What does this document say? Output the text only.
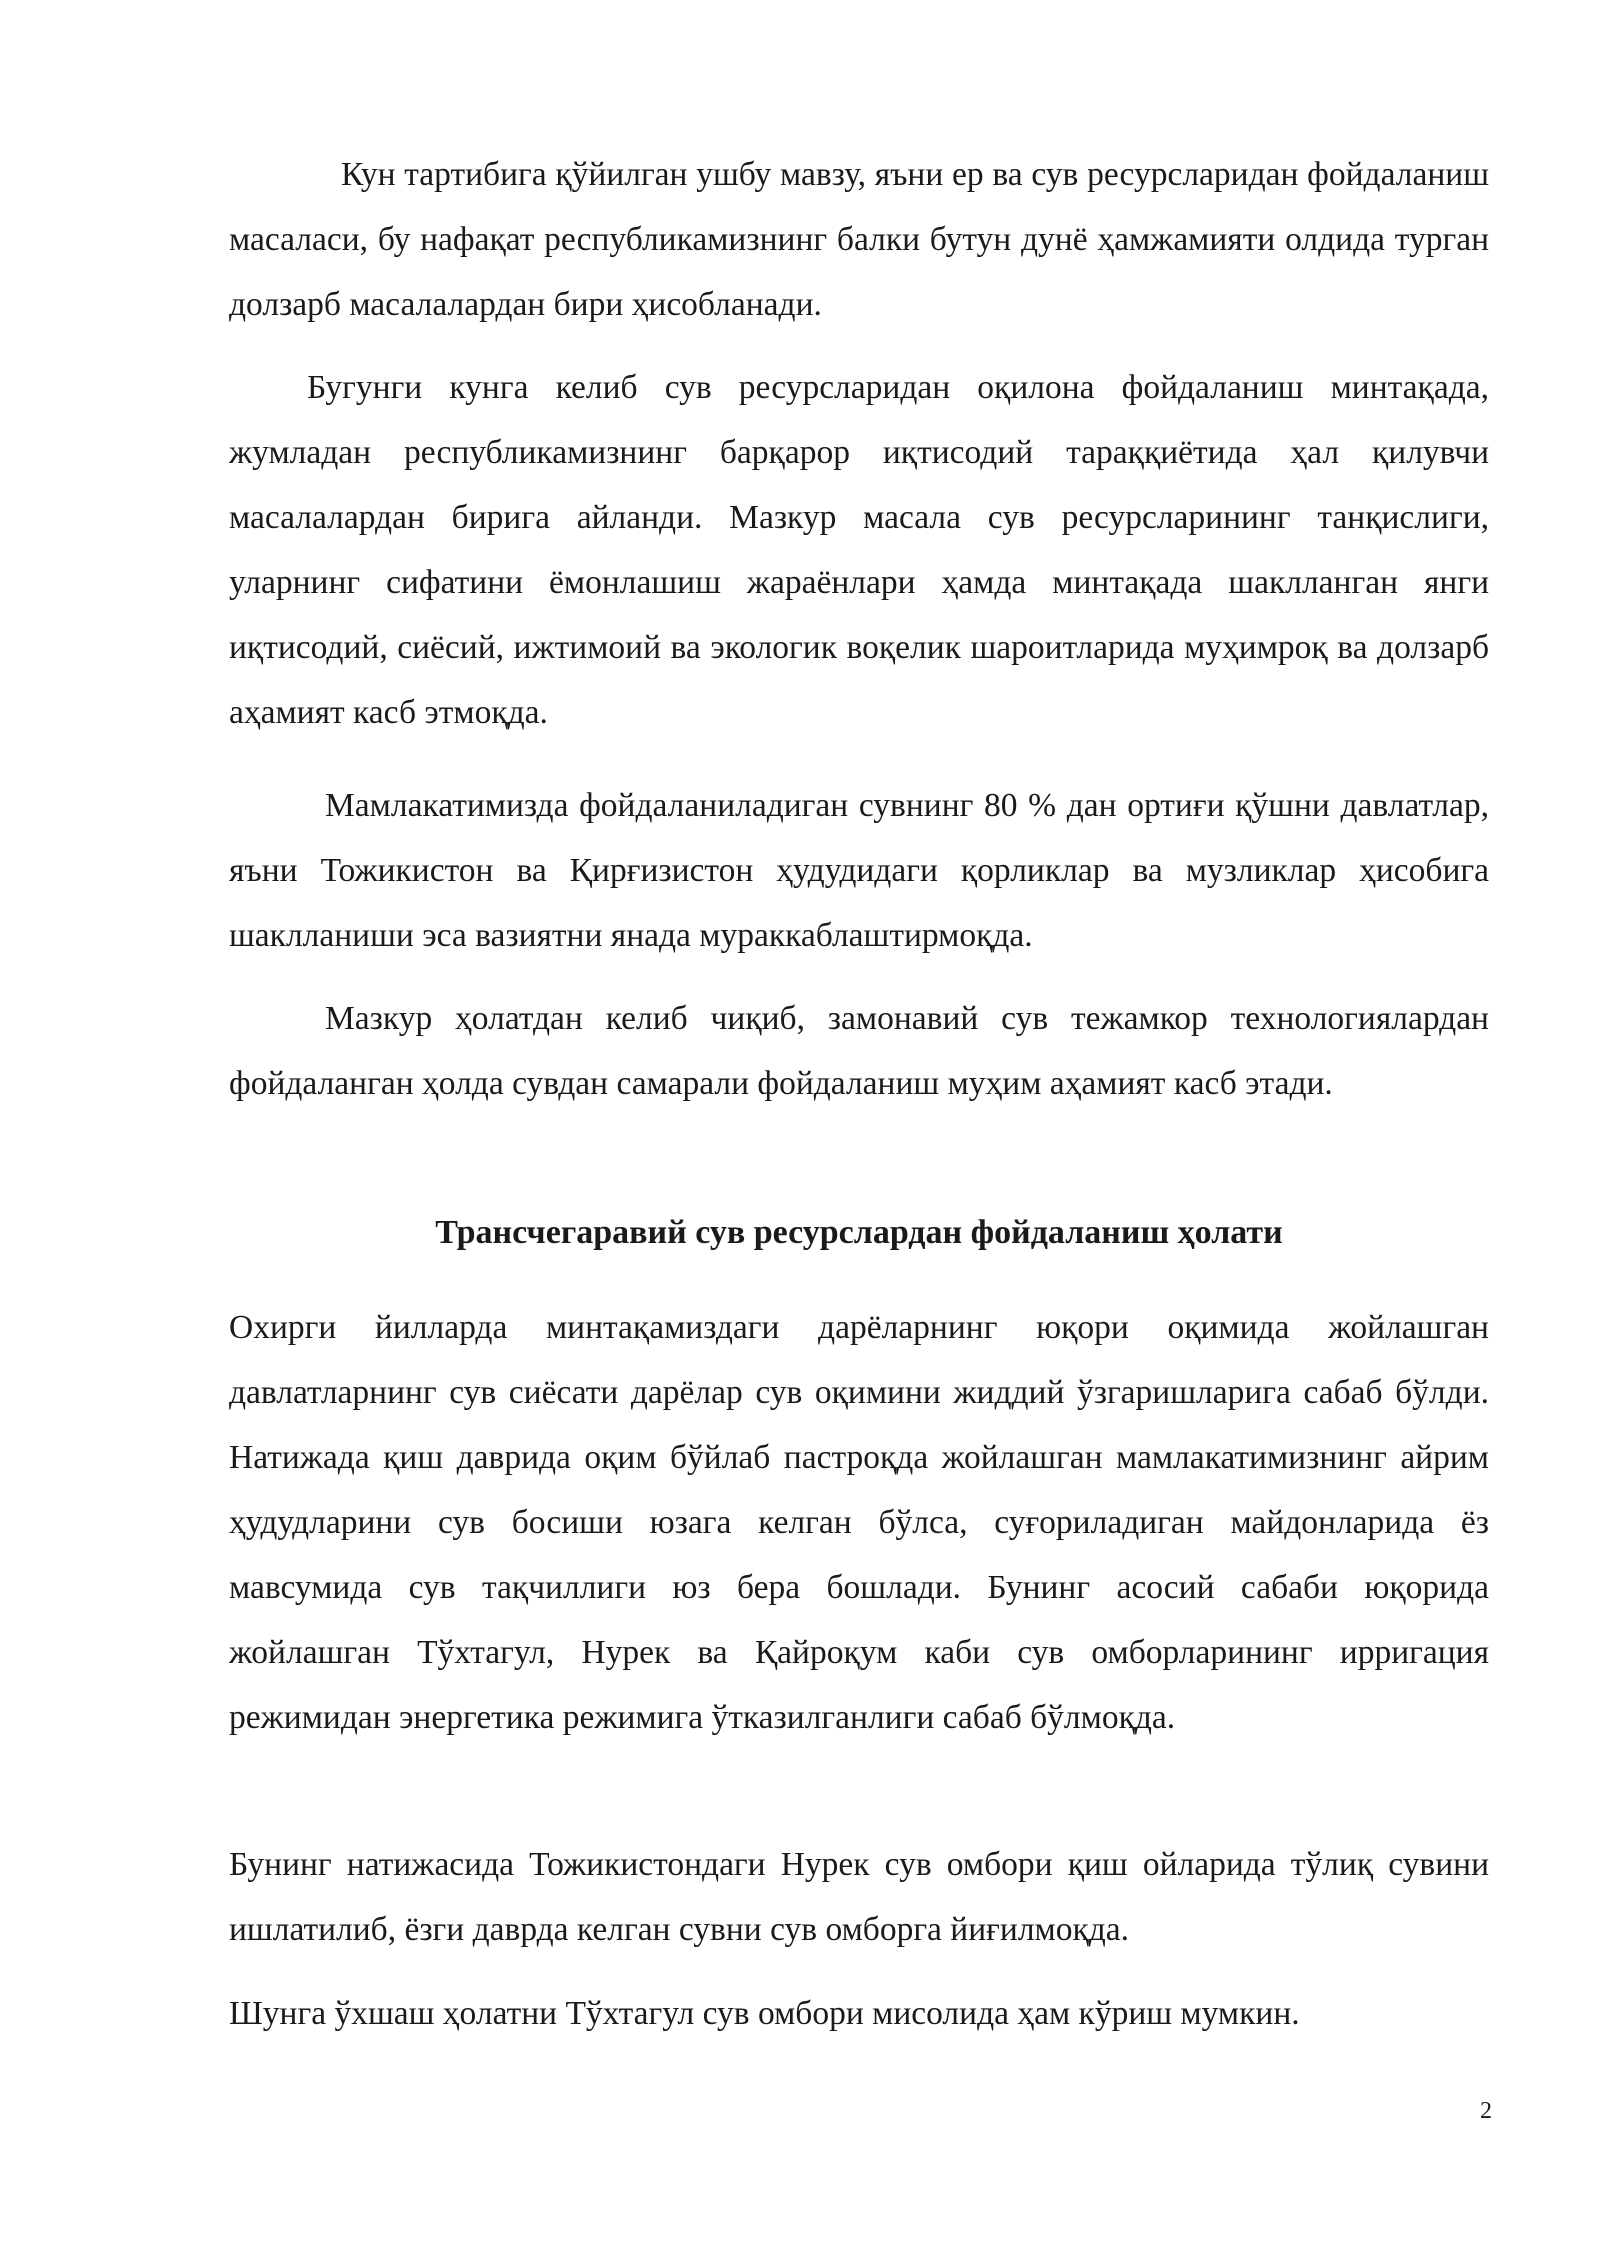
Кун тартибига қўйилган ушбу мавзу, яъни ер ва сув ресурсларидан фойдаланиш масаласи, бу нафақат республикамизнинг балки бутун дунё ҳамжамияти олдида турган долзарб масалалардан бири ҳисобланади.

Бугунги кунга келиб сув ресурсларидан оқилона фойдаланиш минтақада, жумладан республикамизнинг барқарор иқтисодий тараққиётида ҳал қилувчи масалалардан бирига айланди. Мазкур масала сув ресурсларининг танқислиги, уларнинг сифатини ёмонлашиш жараёнлари ҳамда минтақада шаклланган янги иқтисодий, сиёсий, ижтимоий ва экологик воқелик шароитларида муҳимроқ ва долзарб аҳамият касб этмоқда.

Мамлакатимизда фойдаланиладиган сувнинг 80 % дан ортиғи қўшни давлатлар, яъни Тожикистон ва Қирғизистон ҳудудидаги қорликлар ва музликлар ҳисобига шаклланиши эса вазиятни янада мураккаблаштирмоқда.

Мазкур ҳолатдан келиб чиқиб, замонавий сув тежамкор технологиялардан фойдаланган ҳолда сувдан самарали фойдаланиш муҳим аҳамият касб этади.

Трансчегаравий сув ресурслардан фойдаланиш ҳолати

Охирги йилларда минтақамиздаги дарёларнинг юқори оқимида жойлашган давлатларнинг сув сиёсати дарёлар сув оқимини жиддий ўзгаришларига сабаб бўлди. Натижада қиш даврида оқим бўйлаб пастроқда жойлашган мамлакатимизнинг айрим ҳудудларини сув босиши юзага келган бўлса, суғориладиган майдонларида ёз мавсумида сув тақчиллиги юз бера бошлади. Бунинг асосий сабаби юқорида жойлашган Тўхтагул, Нурек ва Қайроқум каби сув омборларининг ирригация режимидан энергетика режимига ўтказилганлиги сабаб бўлмоқда.

Бунинг натижасида Тожикистондаги Нурек сув омбори қиш ойларида тўлиқ сувини ишлатилиб, ёзги даврда келган сувни сув омборга йиғилмоқда.

Шунга ўхшаш ҳолатни Тўхтагул сув омбори мисолида ҳам кўриш мумкин.

2
